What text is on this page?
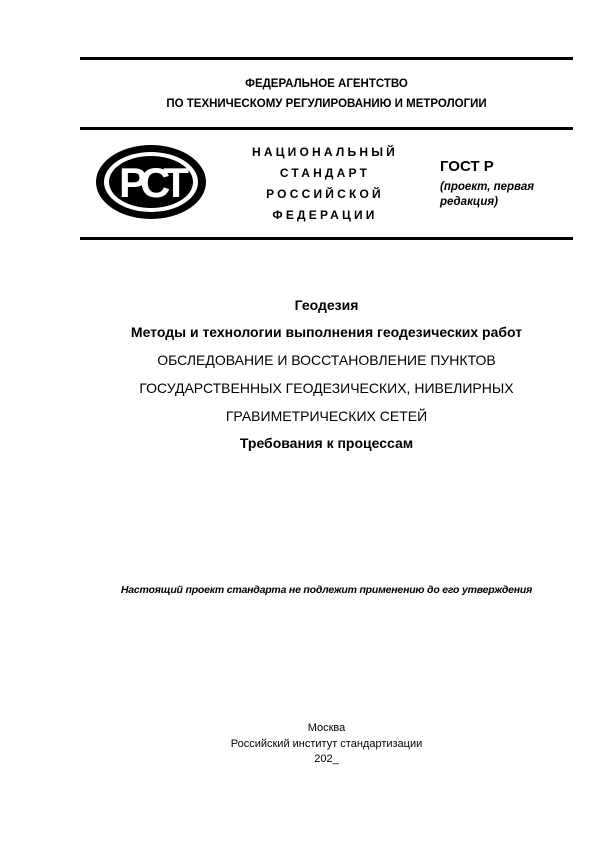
ФЕДЕРАЛЬНОЕ АГЕНТСТВО
ПО ТЕХНИЧЕСКОМУ РЕГУЛИРОВАНИЮ И МЕТРОЛОГИИ
РСТ
НАЦИОНАЛЬНЫЙ
СТАНДАРТ
РОССИЙСКОЙ
ФЕДЕРАЦИИ
ГОСТ Р
(проект, первая редакция)
Геодезия
Методы и технологии выполнения геодезических работ
ОБСЛЕДОВАНИЕ И ВОССТАНОВЛЕНИЕ ПУНКТОВ
ГОСУДАРСТВЕННЫХ ГЕОДЕЗИЧЕСКИХ, НИВЕЛИРНЫХ
ГРАВИМЕТРИЧЕСКИХ СЕТЕЙ
Требования к процессам
Настоящий проект стандарта не подлежит применению до его утверждения
Москва
Российский институт стандартизации
202_
